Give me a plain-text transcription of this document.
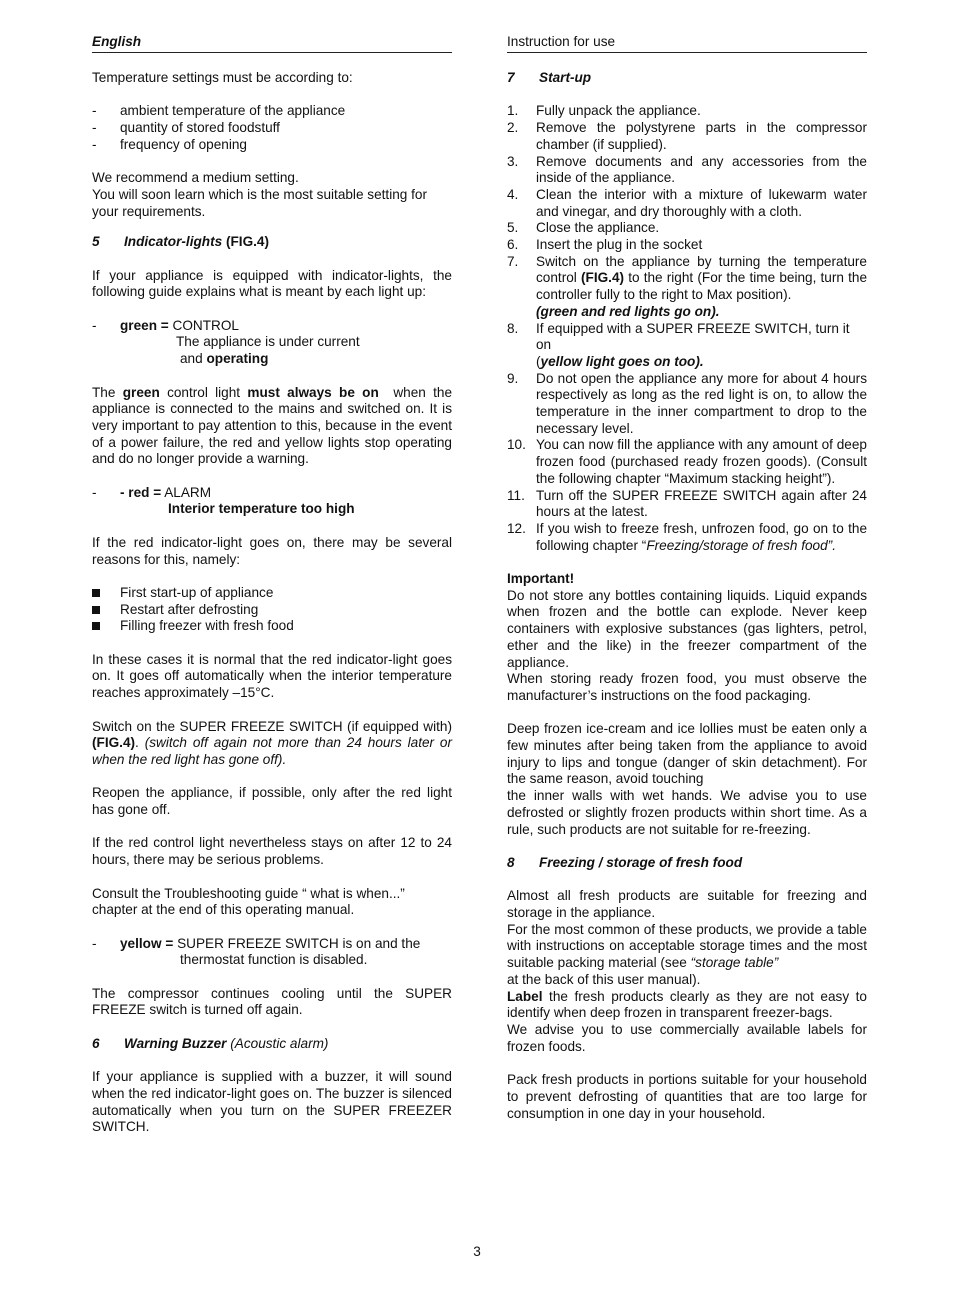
English

Temperature settings must be according to:

- ambient temperature of the appliance
- quantity of stored foodstuff
- frequency of opening

We recommend a medium setting.

You will soon learn which is the most suitable setting for your requirements.

5 Indicator-lights (FIG.4)

If your appliance is equipped with indicator-lights, the following guide explains what is meant by each light up:

- green = CONTROL

The appliance is under current

and operating

The green control light must always be on when the appliance is connected to the mains and switched on. It is very important to pay attention to this, because in the event of a power failure, the red and yellow lights stop operating and do no longer provide a warning.

- - red = ALARM

Interior temperature too high

If the red indicator-light goes on, there may be several reasons for this, namely:

First start-up of appliance
Restart after defrosting
Filling freezer with fresh food

In these cases it is normal that the red indicator-light goes on. It goes off automatically when the interior temperature reaches approximately –15°C.

Switch on the SUPER FREEZE SWITCH (if equipped with) (FIG.4). (switch off again not more than 24 hours later or when the red light has gone off).

Reopen the appliance, if possible, only after the red light has gone off.

If the red control light nevertheless stays on after 12 to 24 hours, there may be serious problems.

Consult the Troubleshooting guide “ what is when...” chapter at the end of this operating manual.

- yellow = SUPER FREEZE SWITCH is on and the

thermostat function is disabled.

The compressor continues cooling until the SUPER FREEZE switch is turned off again.

6 Warning Buzzer (Acoustic alarm)

If your appliance is supplied with a buzzer, it will sound when the red indicator-light goes on. The buzzer is silenced automatically when you turn on the SUPER FREEZER SWITCH.

Instruction for use

7 Start-up

1. Fully unpack the appliance.
2. Remove the polystyrene parts in the compressor chamber (if supplied).
3. Remove documents and any accessories from the inside of the appliance.
4. Clean the interior with a mixture of lukewarm water and vinegar, and dry thoroughly with a cloth.
5. Close the appliance.
6. Insert the plug in the socket
7. Switch on the appliance by turning the temperature control (FIG.4) to the right (For the time being, turn the controller fully to the right to Max position).
(green and red lights go on).
8. If equipped with a SUPER FREEZE SWITCH, turn it on
(yellow light goes on too).
9. Do not open the appliance any more for about 4 hours respectively as long as the red light is on, to allow the temperature in the inner compartment to drop to the necessary level.
10. You can now fill the appliance with any amount of deep frozen food (purchased ready frozen goods). (Consult the following chapter “Maximum stacking height”).
11. Turn off the SUPER FREEZE SWITCH again after 24 hours at the latest.
12. If you wish to freeze fresh, unfrozen food, go on to the following chapter “Freezing/storage of fresh food”.

Important!

Do not store any bottles containing liquids. Liquid expands when frozen and the bottle can explode. Never keep containers with explosive substances (gas lighters, petrol, ether and the like) in the freezer compartment of the appliance.

When storing ready frozen food, you must observe the manufacturer’s instructions on the food packaging.

Deep frozen ice-cream and ice lollies must be eaten only a few minutes after being taken from the appliance to avoid injury to lips and tongue (danger of skin detachment). For the same reason, avoid touching

the inner walls with wet hands. We advise you to use defrosted or slightly frozen products within short time. As a rule, such products are not suitable for re-freezing.

8 Freezing / storage of fresh food

Almost all fresh products are suitable for freezing and storage in the appliance.

For the most common of these products, we provide a table with instructions on acceptable storage times and the most suitable packing material (see “storage table”
at the back of this user manual).

Label the fresh products clearly as they are not easy to identify when deep frozen in transparent freezer-bags.

We advise you to use commercially available labels for frozen foods.

Pack fresh products in portions suitable for your household to prevent defrosting of quantities that are too large for consumption in one day in your household.

3
